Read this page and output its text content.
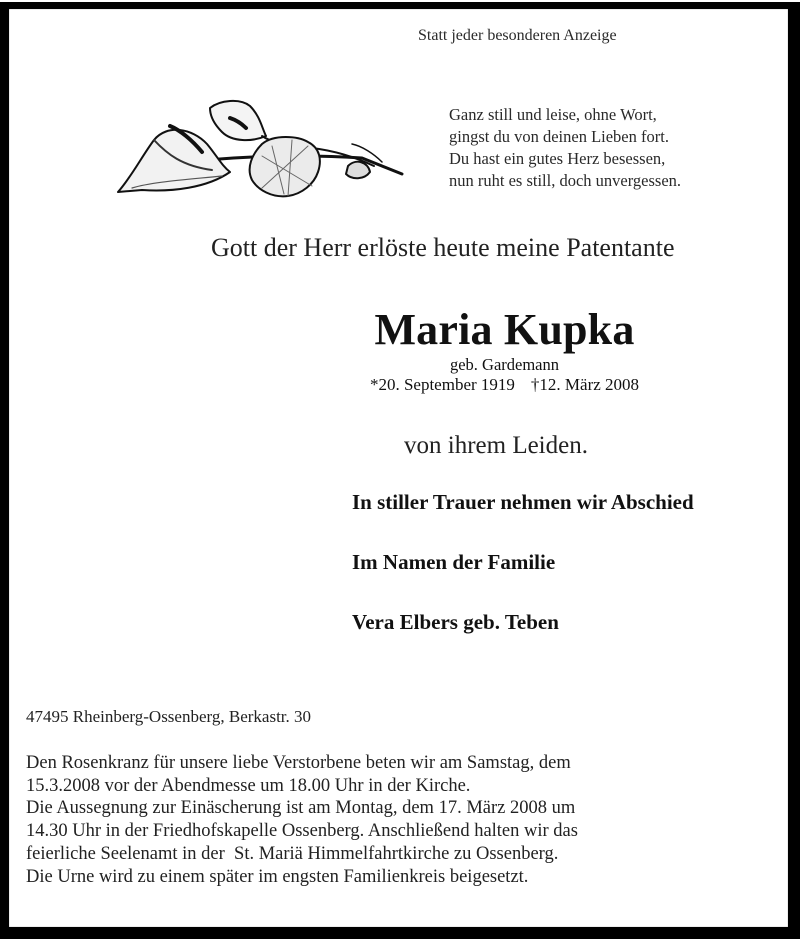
Statt jeder besonderen Anzeige
Ganz still und leise, ohne Wort,
gingst du von deinen Lieben fort.
Du hast ein gutes Herz besessen,
nun ruht es still, doch unvergessen.
Gott der Herr erlöste heute meine Patentante
Maria Kupka
geb. Gardemann
*20. September 1919 †12. März 2008
von ihrem Leiden.
In stiller Trauer nehmen wir Abschied
Im Namen der Familie
Vera Elbers geb. Teben
47495 Rheinberg-Ossenberg, Berkastr. 30
Den Rosenkranz für unsere liebe Verstorbene beten wir am Samstag, dem
15.3.2008 vor der Abendmesse um 18.00 Uhr in der Kirche.
Die Aussegnung zur Einäscherung ist am Montag, dem 17. März 2008 um
14.30 Uhr in der Friedhofskapelle Ossenberg. Anschließend halten wir das
feierliche Seelenamt in der  St. Mariä Himmelfahrtkirche zu Ossenberg.
Die Urne wird zu einem später im engsten Familienkreis beigesetzt.
